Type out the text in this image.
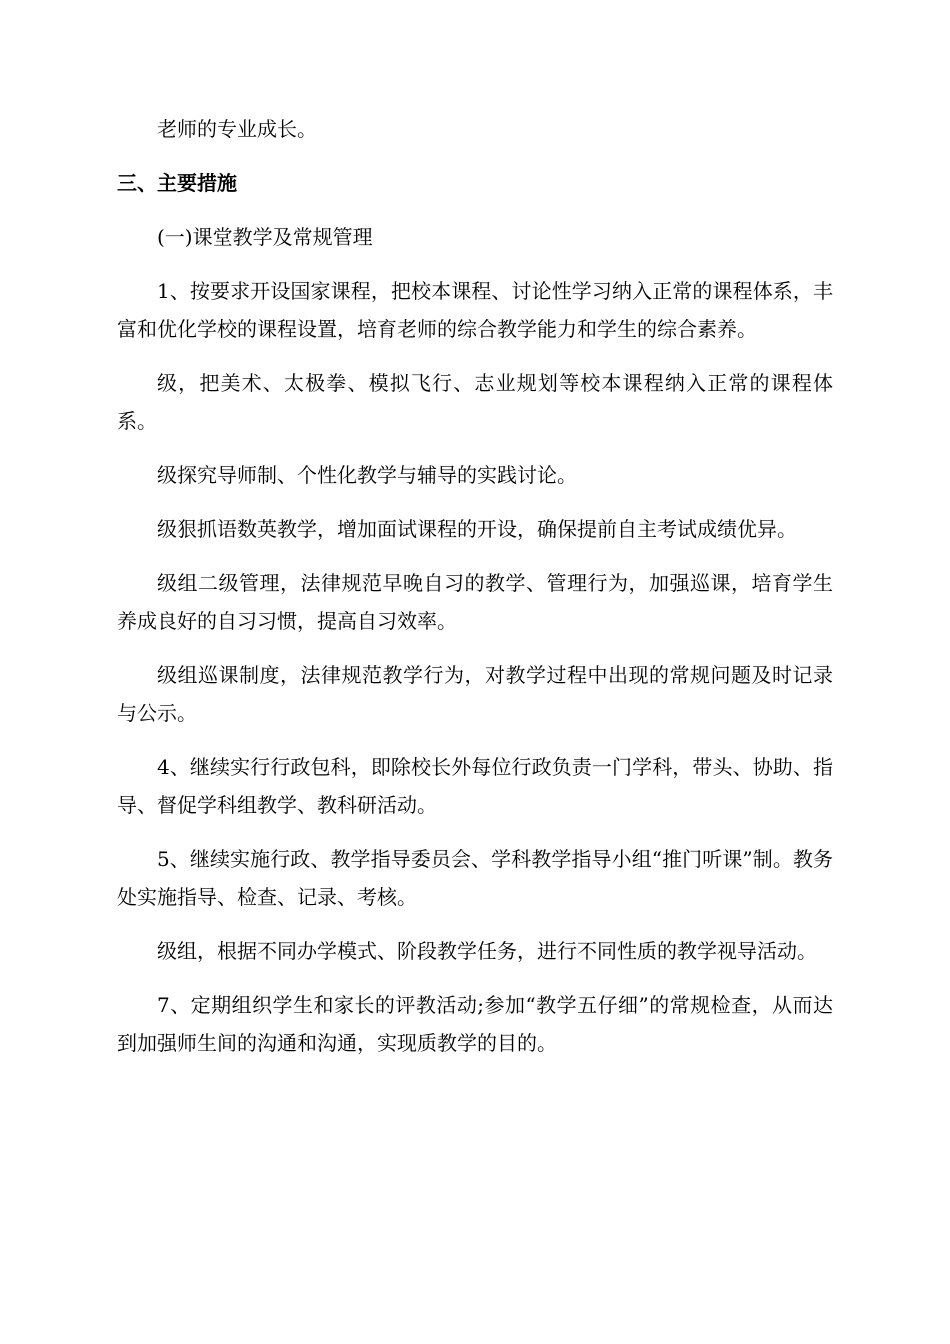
老师的专业成长。

三、主要措施
(一)课堂教学及常规管理

1、按要求开设国家课程，把校本课程、讨论性学习纳入正常的课程体系，丰富和优化学校的课程设置，培育老师的综合教学能力和学生的综合素养。

级，把美术、太极拳、模拟飞行、志业规划等校本课程纳入正常的课程体系。

级探究导师制、个性化教学与辅导的实践讨论。

级狠抓语数英教学，增加面试课程的开设，确保提前自主考试成绩优异。

级组二级管理，法律规范早晚自习的教学、管理行为，加强巡课，培育学生养成良好的自习习惯，提高自习效率。

级组巡课制度，法律规范教学行为，对教学过程中出现的常规问题及时记录与公示。

4、继续实行行政包科，即除校长外每位行政负责一门学科，带头、协助、指导、督促学科组教学、教科研活动。

5、继续实施行政、教学指导委员会、学科教学指导小组“推门听课”制。教务处实施指导、检查、记录、考核。

级组，根据不同办学模式、阶段教学任务，进行不同性质的教学视导活动。

7、定期组织学生和家长的评教活动;参加“教学五仔细”的常规检查，从而达到加强师生间的沟通和沟通，实现质教学的目的。
